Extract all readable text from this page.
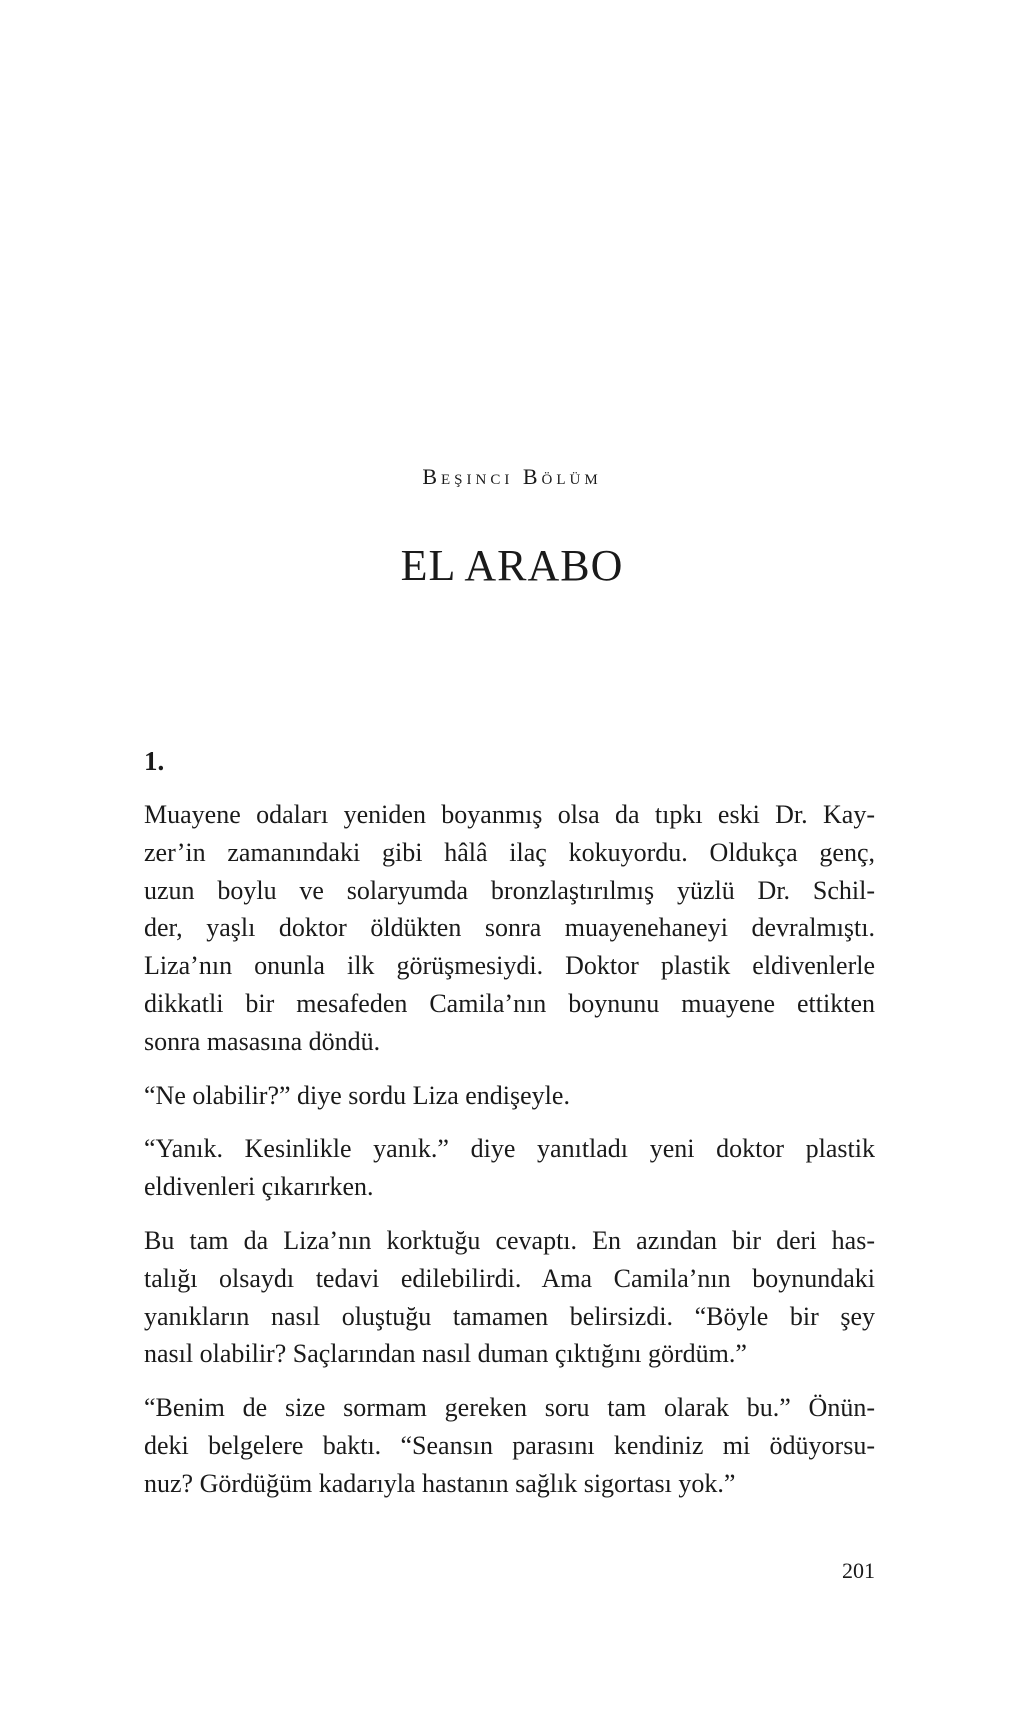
Beşinci Bölüm
EL ARABO
1.
Muayene odaları yeniden boyanmış olsa da tıpkı eski Dr. Kay-
zer’in zamanındaki gibi hâlâ ilaç kokuyordu. Oldukça genç,
uzun boylu ve solaryumda bronzlaştırılmış yüzlü Dr. Schil-
der, yaşlı doktor öldükten sonra muayenehaneyi devralmıştı.
Liza’nın onunla ilk görüşmesiydi. Doktor plastik eldivenlerle
dikkatli bir mesafeden Camila’nın boynunu muayene ettikten
sonra masasına döndü.
“Ne olabilir?” diye sordu Liza endişeyle.
“Yanık. Kesinlikle yanık.” diye yanıtladı yeni doktor plastik
eldivenleri çıkarırken.
Bu tam da Liza’nın korktuğu cevaptı. En azından bir deri has-
talığı olsaydı tedavi edilebilirdi. Ama Camila’nın boynundaki
yanıkların nasıl oluştuğu tamamen belirsizdi. “Böyle bir şey
nasıl olabilir? Saçlarından nasıl duman çıktığını gördüm.”
“Benim de size sormam gereken soru tam olarak bu.” Önün-
deki belgelere baktı. “Seansın parasını kendiniz mi ödüyorsu-
nuz? Gördüğüm kadarıyla hastanın sağlık sigortası yok.”
201
